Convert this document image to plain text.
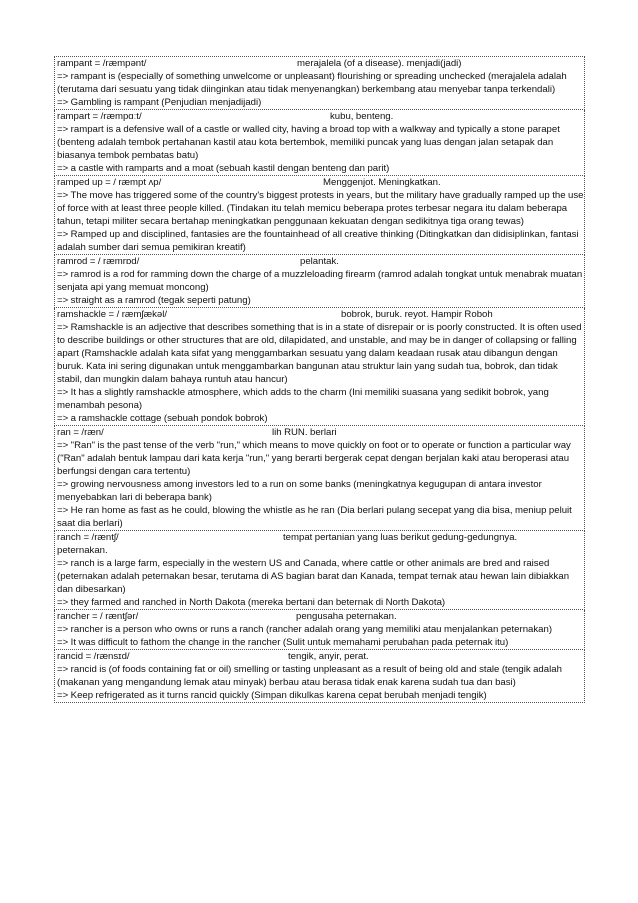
rampant = /ræmpənt/	merajalela (of a disease). menjadi(jadi)
=> rampant is (especially of something unwelcome or unpleasant) flourishing or spreading unchecked (merajalela adalah (terutama dari sesuatu yang tidak diinginkan atau tidak menyenangkan) berkembang atau menyebar tanpa terkendali)
=> Gambling is rampant (Penjudian menjadijadi)
rampart = /ræmpɑːt/	kubu, benteng.
=> rampart is a defensive wall of a castle or walled city, having a broad top with a walkway and typically a stone parapet (benteng adalah tembok pertahanan kastil atau kota bertembok, memiliki puncak yang luas dengan jalan setapak dan biasanya tembok pembatas batu)
=> a castle with ramparts and a moat (sebuah kastil dengan benteng dan parit)
ramped up = / ræmpt ʌp/	Menggenjot. Meningkatkan.
=> The move has triggered some of the country's biggest protests in years, but the military have gradually ramped up the use of force with at least three people killed. (Tindakan itu telah memicu beberapa protes terbesar negara itu dalam beberapa tahun, tetapi militer secara bertahap meningkatkan penggunaan kekuatan dengan sedikitnya tiga orang tewas)
=> Ramped up and disciplined, fantasies are the fountainhead of all creative thinking (Ditingkatkan dan didisiplinkan, fantasi adalah sumber dari semua pemikiran kreatif)
ramrod = / ræmrɒd/	pelantak.
=> ramrod is a rod for ramming down the charge of a muzzleloading firearm (ramrod adalah tongkat untuk menabrak muatan senjata api yang memuat moncong)
=> straight as a ramrod (tegak seperti patung)
ramshackle = / ræmʃækəl/	bobrok, buruk. reyot. Hampir Roboh
=> Ramshackle is an adjective that describes something that is in a state of disrepair or is poorly constructed. It is often used to describe buildings or other structures that are old, dilapidated, and unstable, and may be in danger of collapsing or falling apart (Ramshackle adalah kata sifat yang menggambarkan sesuatu yang dalam keadaan rusak atau dibangun dengan buruk. Kata ini sering digunakan untuk menggambarkan bangunan atau struktur lain yang sudah tua, bobrok, dan tidak stabil, dan mungkin dalam bahaya runtuh atau hancur)
=> It has a slightly ramshackle atmosphere, which adds to the charm (Ini memiliki suasana yang sedikit bobrok, yang menambah pesona)
=> a ramshackle cottage (sebuah pondok bobrok)
ran = /ræn/	lih RUN. berlari
=> "Ran" is the past tense of the verb "run," which means to move quickly on foot or to operate or function a particular way ("Ran" adalah bentuk lampau dari kata kerja "run," yang berarti bergerak cepat dengan berjalan kaki atau beroperasi atau berfungsi dengan cara tertentu)
=> growing nervousness among investors led to a run on some banks (meningkatnya kegugupan di antara investor menyebabkan lari di beberapa bank)
=> He ran home as fast as he could, blowing the whistle as he ran (Dia berlari pulang secepat yang dia bisa, meniup peluit saat dia berlari)
ranch = /ræntʃ/	tempat pertanian yang luas berikut gedung-gedungnya.
peternakan.
=> ranch is a large farm, especially in the western US and Canada, where cattle or other animals are bred and raised (peternakan adalah peternakan besar, terutama di AS bagian barat dan Kanada, tempat ternak atau hewan lain dibiakkan dan dibesarkan)
=> they farmed and ranched in North Dakota (mereka bertani dan beternak di North Dakota)
rancher = / ræntʃər/	pengusaha peternakan.
=> rancher is a person who owns or runs a ranch (rancher adalah orang yang memiliki atau menjalankan peternakan)
=> It was difficult to fathom the change in the rancher (Sulit untuk memahami perubahan pada peternak itu)
rancid = /rænsɪd/	tengik, anyir, perat.
=> rancid is (of foods containing fat or oil) smelling or tasting unpleasant as a result of being old and stale (tengik adalah (makanan yang mengandung lemak atau minyak) berbau atau berasa tidak enak karena sudah tua dan basi)
=> Keep refrigerated as it turns rancid quickly (Simpan dikulkas karena cepat berubah menjadi tengik)
